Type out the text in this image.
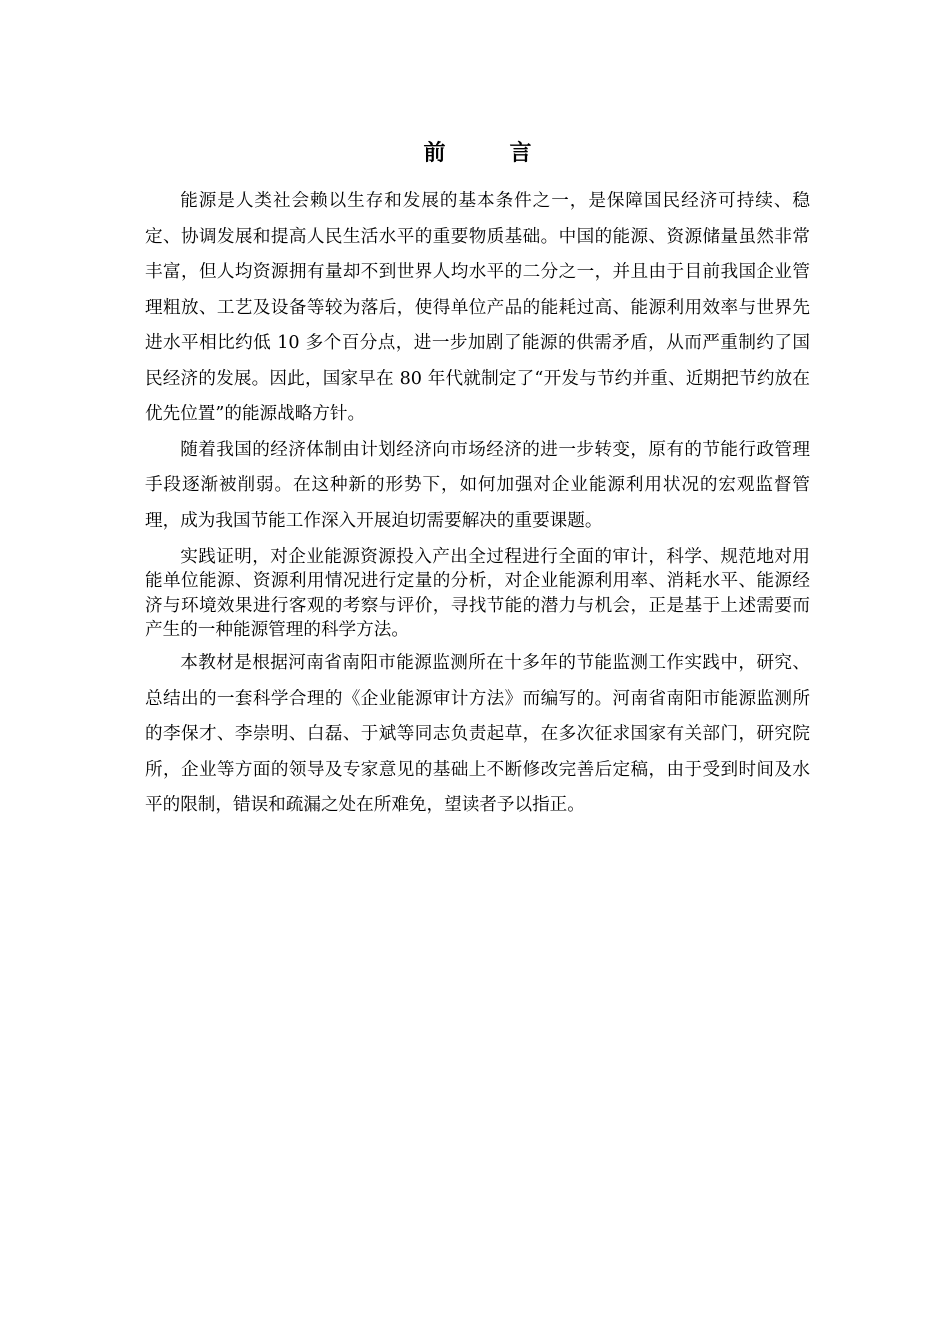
前	言

能源是人类社会赖以生存和发展的基本条件之一，是保障国民经济可持续、稳定、协调发展和提高人民生活水平的重要物质基础。中国的能源、资源储量虽然非常丰富，但人均资源拥有量却不到世界人均水平的二分之一，并且由于目前我国企业管理粗放、工艺及设备等较为落后，使得单位产品的能耗过高、能源利用效率与世界先进水平相比约低 10 多个百分点，进一步加剧了能源的供需矛盾，从而严重制约了国民经济的发展。因此，国家早在 80 年代就制定了“开发与节约并重、近期把节约放在优先位置”的能源战略方针。

随着我国的经济体制由计划经济向市场经济的进一步转变，原有的节能行政管理手段逐渐被削弱。在这种新的形势下，如何加强对企业能源利用状况的宏观监督管理，成为我国节能工作深入开展迫切需要解决的重要课题。

实践证明，对企业能源资源投入产出全过程进行全面的审计，科学、规范地对用能单位能源、资源利用情况进行定量的分析，对企业能源利用率、消耗水平、能源经济与环境效果进行客观的考察与评价，寻找节能的潜力与机会，正是基于上述需要而产生的一种能源管理的科学方法。

本教材是根据河南省南阳市能源监测所在十多年的节能监测工作实践中，研究、总结出的一套科学合理的《企业能源审计方法》而编写的。河南省南阳市能源监测所的李保才、李崇明、白磊、于斌等同志负责起草，在多次征求国家有关部门，研究院所，企业等方面的领导及专家意见的基础上不断修改完善后定稿，由于受到时间及水平的限制，错误和疏漏之处在所难免，望读者予以指正。
